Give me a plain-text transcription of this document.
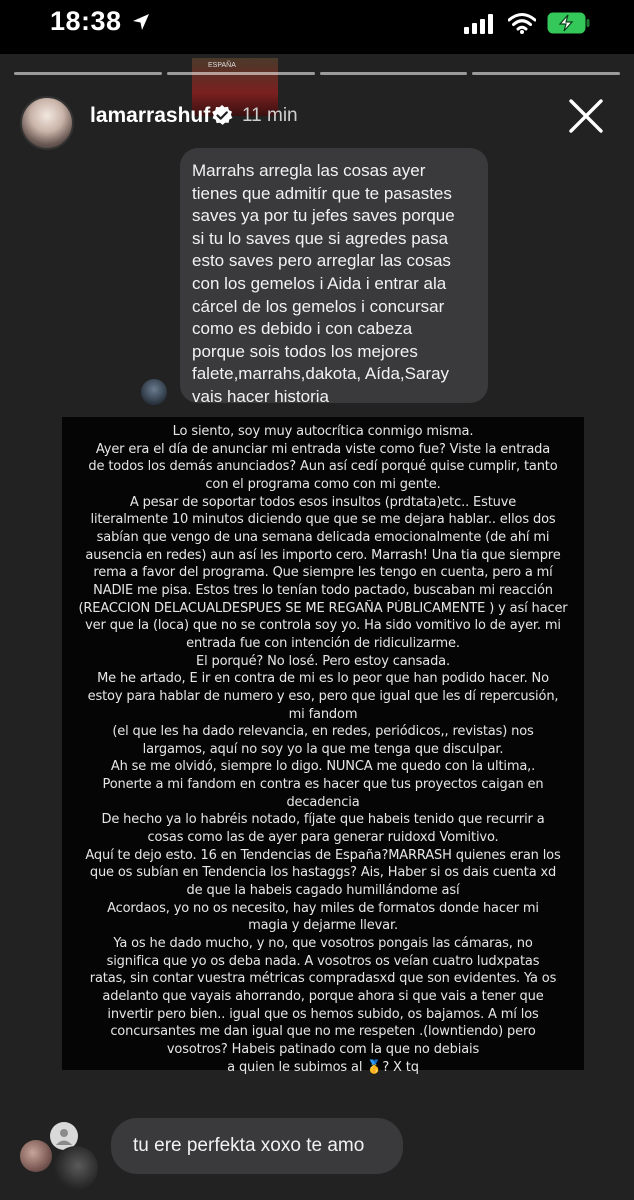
18:38
ESPAÑA
lamarrashuf 11 min
Marrahs arregla las cosas ayer
tienes que admitír que te pasastes
saves ya por tu jefes saves porque
si tu lo saves que si agredes pasa
esto saves pero arreglar las cosas
con los gemelos i Aida i entrar ala
cárcel de los gemelos i concursar
como es debido i con cabeza
porque sois todos los mejores
falete,marrahs,dakota, Aída,Saray
vais hacer historia
Lo siento, soy muy autocrítica conmigo misma.
Ayer era el día de anunciar mi entrada viste como fue? Viste la entrada
de todos los demás anunciados? Aun así cedí porqué quise cumplir, tanto
con el programa como con mi gente.
A pesar de soportar todos esos insultos (prdtata)etc.. Estuve
literalmente 10 minutos diciendo que que se me dejara hablar.. ellos dos
sabían que vengo de una semana delicada emocionalmente (de ahí mi
ausencia en redes) aun así les importo cero. Marrash! Una tia que siempre
rema a favor del programa. Que siempre les tengo en cuenta, pero a mí
NADIE me pisa. Estos tres lo tenían todo pactado, buscaban mi reacción
(REACCION DELACUALDESPUES SE ME REGAÑA PÚBLICAMENTE ) y así hacer
ver que la (loca) que no se controla soy yo. Ha sido vomitivo lo de ayer. mi
entrada fue con intención de ridiculizarme.
El porqué? No losé. Pero estoy cansada.
Me he artado, E ir en contra de mi es lo peor que han podido hacer. No
estoy para hablar de numero y eso, pero que igual que les dí repercusión,
mi fandom
(el que les ha dado relevancia, en redes, periódicos,, revistas) nos
largamos, aquí no soy yo la que me tenga que disculpar.
Ah se me olvidó, siempre lo digo. NUNCA me quedo con la ultima,.
Ponerte a mi fandom en contra es hacer que tus proyectos caigan en
decadencia
De hecho ya lo habréis notado, fíjate que habeis tenido que recurrir a
cosas como las de ayer para generar ruidoxd Vomitivo.
Aquí te dejo esto. 16 en Tendencias de España?MARRASH quienes eran los
que os subían en Tendencia los hastaggs? Ais, Haber si os dais cuenta xd
de que la habeis cagado humillándome así
Acordaos, yo no os necesito, hay miles de formatos donde hacer mi
magia y dejarme llevar.
Ya os he dado mucho, y no, que vosotros pongais las cámaras, no
significa que yo os deba nada. A vosotros os veían cuatro ludxpatas
ratas, sin contar vuestra métricas compradasxd que son evidentes. Ya os
adelanto que vayais ahorrando, porque ahora si que vais a tener que
invertir pero bien.. igual que os hemos subido, os bajamos. A mí los
concursantes me dan igual que no me respeten .(lowntiendo) pero
vosotros? Habeis patinado com la que no debiais
a quien le subimos al 🥇? X tq
tu ere perfekta xoxo te amo
